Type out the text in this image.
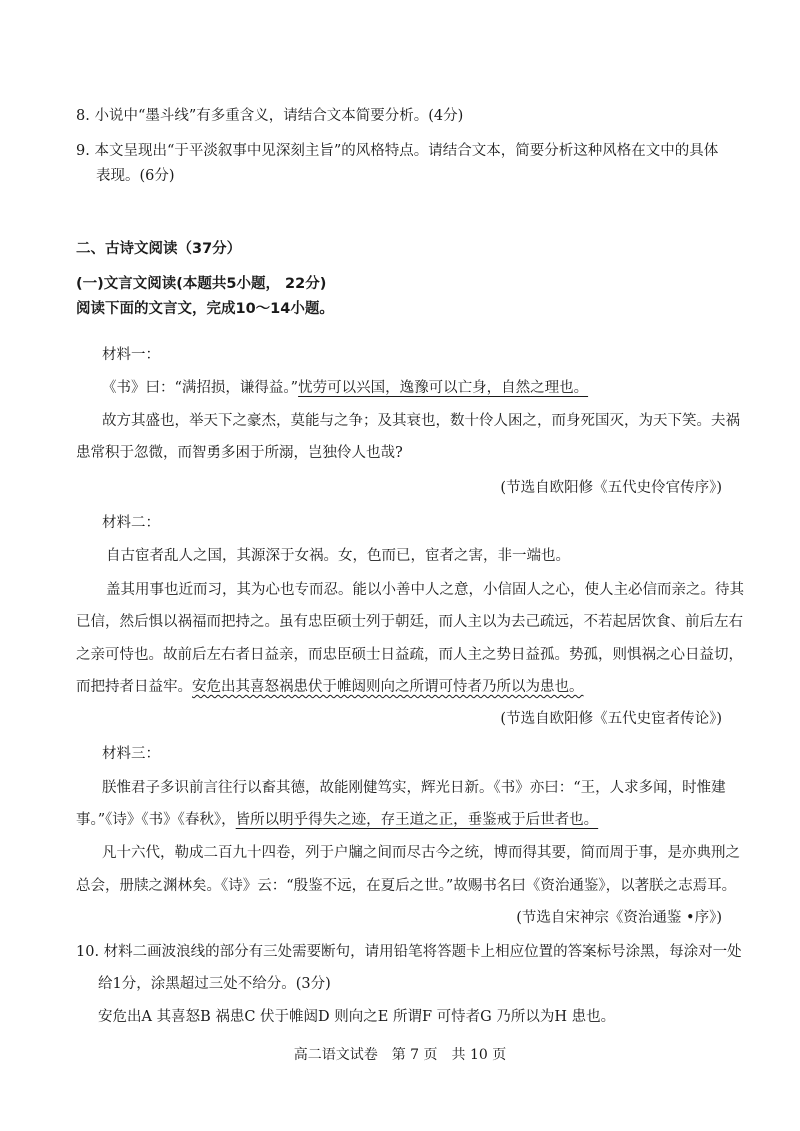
8. 小说中“墨斗线”有多重含义，请结合文本简要分析。(4分)
9. 本文呈现出“于平淡叙事中见深刻主旨”的风格特点。请结合文本，简要分析这种风格在文中的具体
表现。(6分)
二、古诗文阅读（37分）
(一)文言文阅读(本题共5小题， 22分)
阅读下面的文言文，完成10～14小题。
材料一：
《书》曰：“满招损，谦得益。”忧劳可以兴国，逸豫可以亡身，自然之理也。
故方其盛也，举天下之豪杰，莫能与之争；及其衰也，数十伶人困之，而身死国灭，为天下笑。夫祸
患常积于忽微，而智勇多困于所溺，岂独伶人也哉?
(节选自欧阳修《五代史伶官传序》)
材料二：
自古宦者乱人之国，其源深于女祸。女，色而已，宦者之害，非一端也。
盖其用事也近而习，其为心也专而忍。能以小善中人之意，小信固人之心，使人主必信而亲之。待其
已信，然后惧以祸福而把持之。虽有忠臣硕士列于朝廷，而人主以为去己疏远，不若起居饮食、前后左右
之亲可恃也。故前后左右者日益亲，而忠臣硕士日益疏，而人主之势日益孤。势孤，则惧祸之心日益切，
而把持者日益牢。安危出其喜怒祸患伏于帷闼则向之所谓可恃者乃所以为患也。
(节选自欧阳修《五代史宦者传论》)
材料三：
朕惟君子多识前言往行以畜其德，故能刚健笃实，辉光日新。《书》亦曰：“王，人求多闻，时惟建
事。”《诗》《书》《春秋》，皆所以明乎得失之迹，存王道之正，垂鉴戒于后世者也。
凡十六代，勒成二百九十四卷，列于户牖之间而尽古今之统，博而得其要，简而周于事，是亦典刑之
总会，册牍之渊林矣。《诗》云：“殷鉴不远，在夏后之世。”故赐书名曰《资治通鉴》，以著朕之志焉耳。
(节选自宋神宗《资治通鉴 •序》)
10. 材料二画波浪线的部分有三处需要断句，请用铅笔将答题卡上相应位置的答案标号涂黑，每涂对一处
给1分，涂黑超过三处不给分。(3分)
安危出A 其喜怒B 祸患C 伏于帷闼D 则向之E 所谓F 可恃者G 乃所以为H 患也。
高二语文试卷　第 7 页　共 10 页
